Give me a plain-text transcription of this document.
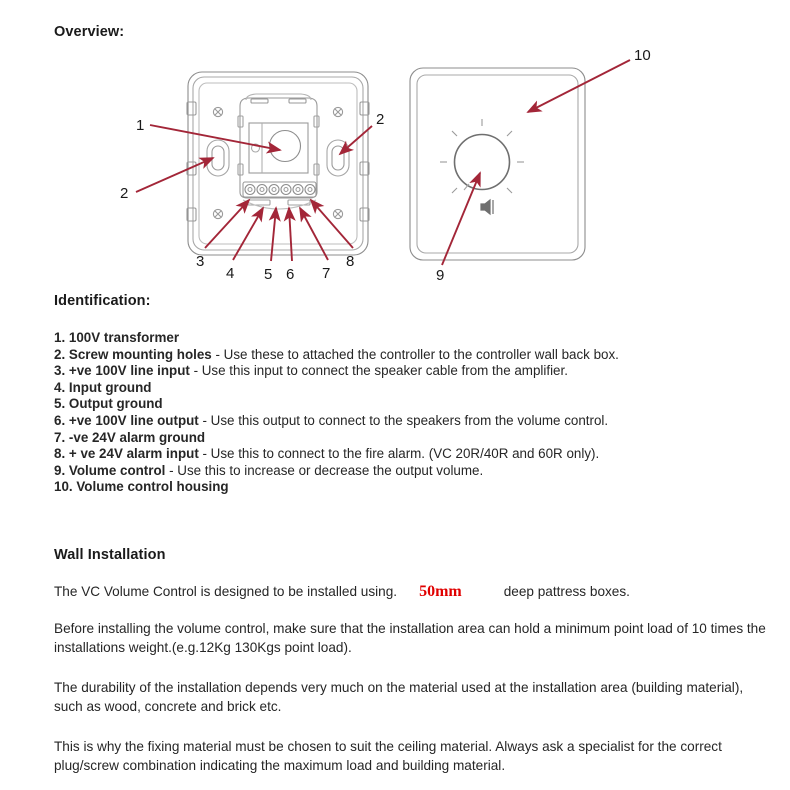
Overview:
1
2
2
3
4 5 6 7
8
9
10
Identification:
1. 100V transformer
2. Screw mounting holes - Use these to attached the controller to the controller wall back box.
3. +ve 100V line input - Use this input to connect the speaker cable from the amplifier.
4. Input ground
5. Output ground
6. +ve 100V line output - Use this output to connect to the speakers from the volume control.
7. -ve 24V alarm ground
8. + ve 24V alarm input - Use this to connect to the fire alarm. (VC 20R/40R and 60R only).
9. Volume control - Use this to increase or decrease the output volume.
10. Volume control housing
Wall Installation
The VC Volume Control is designed to be installed using. 50mm	deep pattress boxes.
Before installing the volume control, make sure that the installation area can hold a minimum point load of 10 times the installations weight.(e.g.12Kg 130Kgs point load).
The durability of the installation depends very much on the material used at the installation area (building material), such as wood, concrete and brick etc.
This is why the fixing material must be chosen to suit the ceiling material. Always ask a specialist for the correct plug/screw combination indicating the maximum load and building material.
